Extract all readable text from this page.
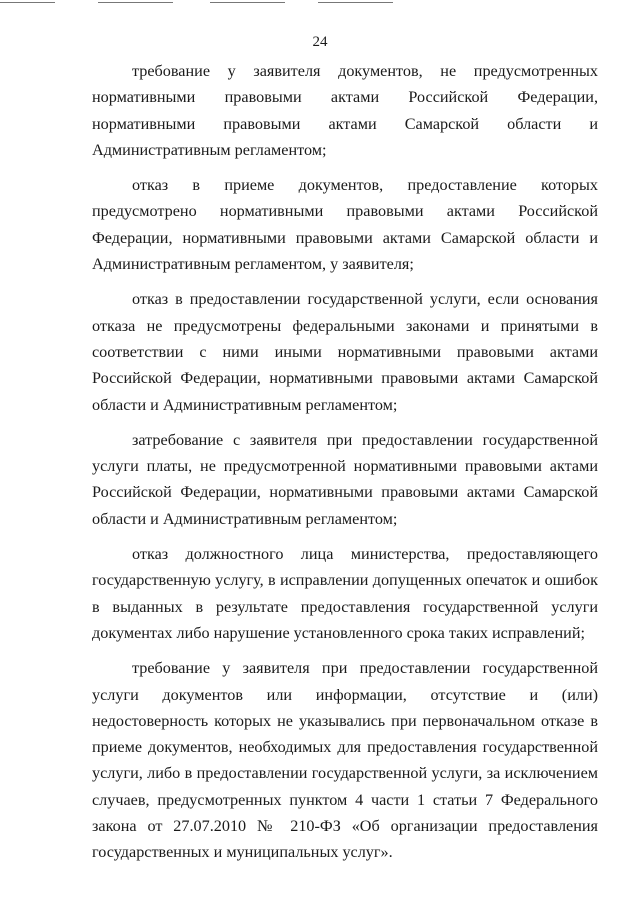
24

требование у заявителя документов, не предусмотренных нормативными правовыми актами Российской Федерации, нормативными правовыми актами Самарской области и Административным регламентом;

отказ в приеме документов, предоставление которых предусмотрено нормативными правовыми актами Российской Федерации, нормативными правовыми актами Самарской области и Административным регламентом, у заявителя;

отказ в предоставлении государственной услуги, если основания отказа не предусмотрены федеральными законами и принятыми в соответствии с ними иными нормативными правовыми актами Российской Федерации, нормативными правовыми актами Самарской области и Административным регламентом;

затребование с заявителя при предоставлении государственной услуги платы, не предусмотренной нормативными правовыми актами Российской Федерации, нормативными правовыми актами Самарской области и Административным регламентом;

отказ должностного лица министерства, предоставляющего государственную услугу, в исправлении допущенных опечаток и ошибок в выданных в результате предоставления государственной услуги документах либо нарушение установленного срока таких исправлений;

требование у заявителя при предоставлении государственной услуги документов или информации, отсутствие и (или) недостоверность которых не указывались при первоначальном отказе в приеме документов, необходимых для предоставления государственной услуги, либо в предоставлении государственной услуги, за исключением случаев, предусмотренных пунктом 4 части 1 статьи 7 Федерального закона от 27.07.2010 № 210-ФЗ «Об организации предоставления государственных и муниципальных услуг».
